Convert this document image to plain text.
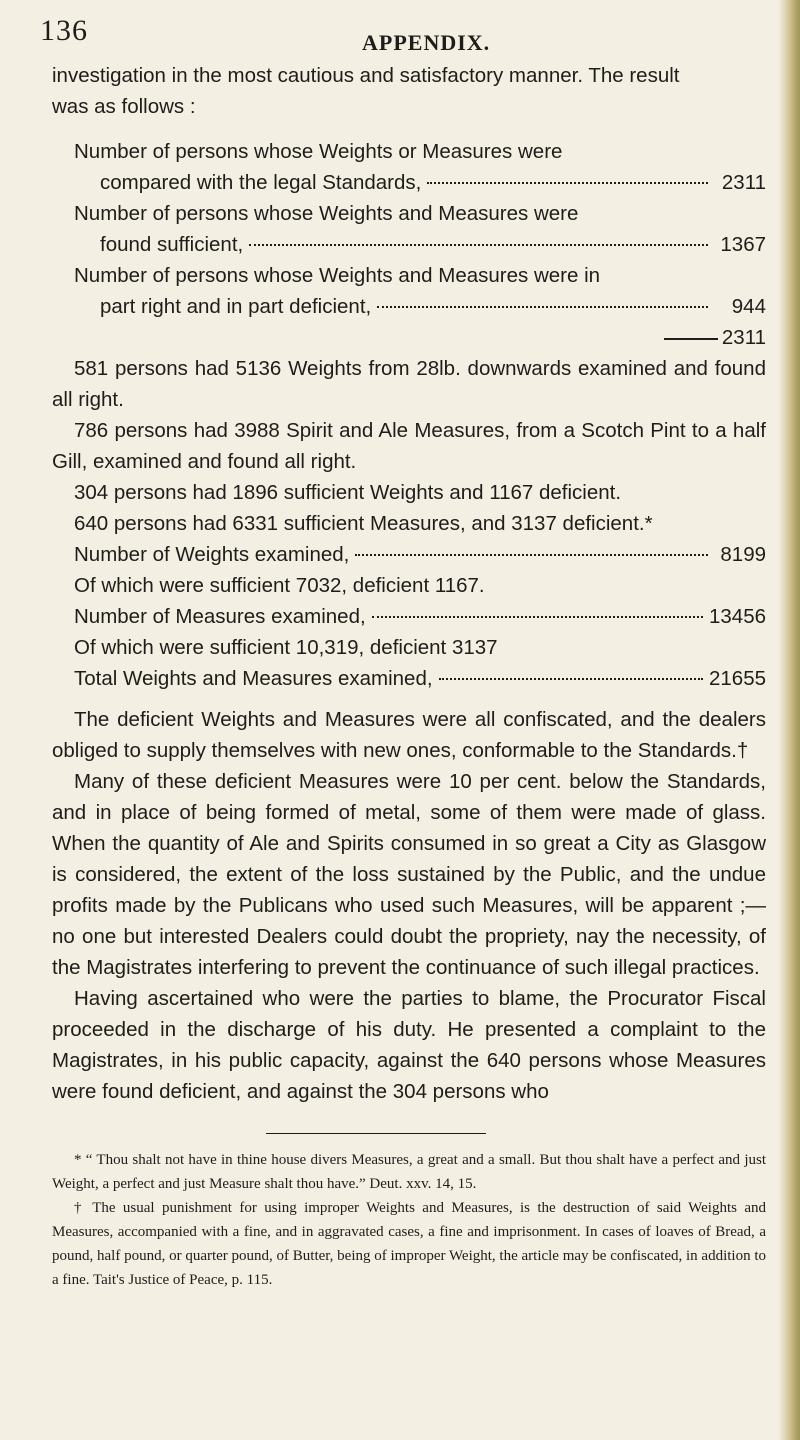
136	APPENDIX.

investigation in the most cautious and satisfactory manner. The result

was as follows :

Number of persons whose Weights or Measures were

compared with the legal Standards,	2311

Number of persons whose Weights and Measures were

found sufficient,	1367

Number of persons whose Weights and Measures were in

part right and in part deficient,	944
2311

581 persons had 5136 Weights from 28lb. downwards examined and found all right.

786 persons had 3988 Spirit and Ale Measures, from a Scotch Pint to a half Gill, examined and found all right.

304 persons had 1896 sufficient Weights and 1167 deficient.

640 persons had 6331 sufficient Measures, and 3137 deficient.*

Number of Weights examined,	8199

Of which were sufficient 7032, deficient 1167.

Number of Measures examined,	13456

Of which were sufficient 10,319, deficient 3137

Total Weights and Measures examined,	21655

The deficient Weights and Measures were all confiscated, and the dealers obliged to supply themselves with new ones, conformable to the Standards.†

Many of these deficient Measures were 10 per cent. below the Standards, and in place of being formed of metal, some of them were made of glass. When the quantity of Ale and Spirits consumed in so great a City as Glasgow is considered, the extent of the loss sustained by the Public, and the undue profits made by the Publicans who used such Measures, will be apparent ;—no one but interested Dealers could doubt the propriety, nay the necessity, of the Magistrates interfering to prevent the continuance of such illegal practices.

Having ascertained who were the parties to blame, the Procurator Fiscal proceeded in the discharge of his duty. He presented a complaint to the Magistrates, in his public capacity, against the 640 persons whose Measures were found deficient, and against the 304 persons who

* “ Thou shalt not have in thine house divers Measures, a great and a small. But thou shalt have a perfect and just Weight, a perfect and just Measure shalt thou have.” Deut. xxv. 14, 15.

† The usual punishment for using improper Weights and Measures, is the destruction of said Weights and Measures, accompanied with a fine, and in aggravated cases, a fine and imprisonment. In cases of loaves of Bread, a pound, half pound, or quarter pound, of Butter, being of improper Weight, the article may be confiscated, in addition to a fine. Tait's Justice of Peace, p. 115.
